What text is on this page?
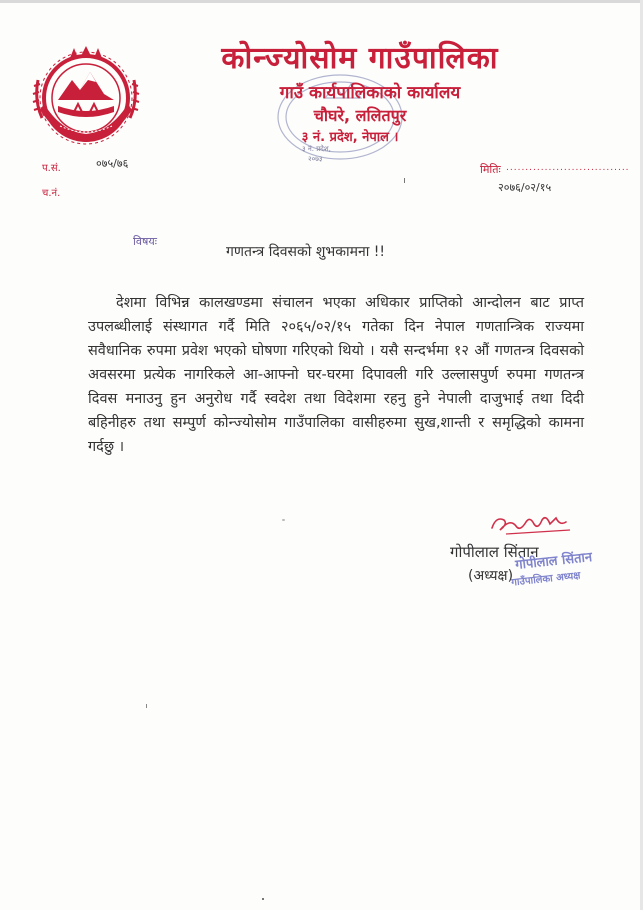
कोन्ज्योसोम गाउँपालिका
गाउँ कार्यपालिकाको कार्यालय
चौघरे, ललितपुर
३ नं. प्रदेश, नेपाल ।
३ नं. प्रदेश,
२०७३
प.सं.	०७५/७६
च.नं.
मितिः ................................
२०७६/०२/१५
विषयः
गणतन्त्र दिवसको शुभकामना !!
देशमा विभिन्न कालखण्डमा संचालन भएका अधिकार प्राप्तिको आन्दोलन बाट प्राप्त उपलब्धीलाई संस्थागत गर्दै मिति २०६५/०२/१५ गतेका दिन नेपाल गणतान्त्रिक राज्यमा सवैधानिक रुपमा प्रवेश भएको घोषणा गरिएको थियो । यसै सन्दर्भमा १२ औं गणतन्त्र दिवसको अवसरमा प्रत्येक नागरिकले आ-आफ्नो घर-घरमा दिपावली गरि उल्लासपुर्ण रुपमा गणतन्त्र दिवस मनाउनु हुन अनुरोध गर्दै स्वदेश तथा विदेशमा रहनु हुने नेपाली दाजुभाई तथा दिदी बहिनीहरु तथा सम्पुर्ण कोन्ज्योसोम गाउँपालिका वासीहरुमा सुख,शान्ती र समृद्धिको कामना गर्दछु ।
गोपीलाल सिंतान
(अध्यक्ष)
गोपीलाल सिंतान
गाउँपालिका अध्यक्ष
